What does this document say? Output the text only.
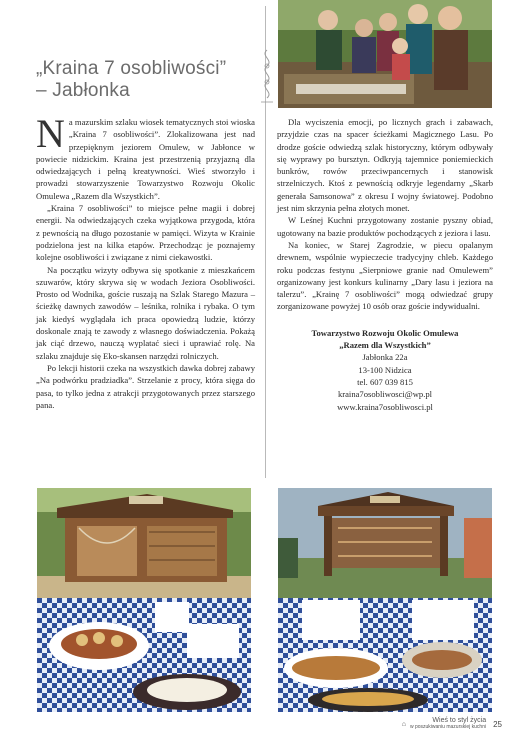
„Kraina 7 osobliwości”
– Jabłonka

Na mazurskim szlaku wiosek tematycznych stoi wioska „Kraina 7 osobliwości”. Zlokalizowana jest nad przepięknym jeziorem Omulew, w Jabłonce w powiecie nidzickim. Kraina jest przestrzenią przyjazną dla odwiedzających i pełną kreatywności. Wieś stworzyło i prowadzi stowarzyszenie Towarzystwo Rozwoju Okolic Omulewa „Razem dla Wszystkich”.

„Kraina 7 osobliwości” to miejsce pełne magii i dobrej energii. Na odwiedzających czeka wyjątkowa przygoda, która z pewnością na długo pozostanie w pamięci. Wizyta w Krainie podzielona jest na kilka etapów. Przechodząc je poznajemy kolejne osobliwości i związane z nimi ciekawostki.

Na początku wizyty odbywa się spotkanie z mieszkańcem szuwarów, który skrywa się w wodach Jeziora Osobliwości. Prosto od Wodnika, goście ruszają na Szlak Starego Mazura – ścieżkę dawnych zawodów – leśnika, rolnika i rybaka. O tym jak kiedyś wyglądała ich praca opowiedzą ludzie, którzy doskonale znają te zawody z własnego doświadczenia. Pokażą jak ciąć drzewo, nauczą wyplatać sieci i uprawiać rolę. Na szlaku znajduje się Eko-skansen narzędzi rolniczych.

Po lekcji historii czeka na wszystkich dawka dobrej zabawy „Na podwórku pradziadka”. Strzelanie z procy, która sięga do pasa, to tylko jedna z atrakcji przygotowanych przez starszego pana.

Dla wyciszenia emocji, po licznych grach i zabawach, przyjdzie czas na spacer ścieżkami Magicznego Lasu. Po drodze goście odwiedzą szlak historyczny, którym odbywały się wyprawy po bursztyn. Odkryją tajemnice poniemieckich bunkrów, rowów przeciwpancernych i stanowisk strzelniczych. Ktoś z pewnością odkryje legendarny „Skarb generała Samsonowa” z okresu I wojny światowej. Podobno jest nim skrzynia pełna złotych monet.

W Leśnej Kuchni przygotowany zostanie pyszny obiad, ugotowany na bazie produktów pochodzących z jeziora i lasu.

Na koniec, w Starej Zagrodzie, w piecu opalanym drewnem, wspólnie wypieczecie tradycyjny chleb. Każdego roku podczas festynu „Sierpniowe granie nad Omulewem” organizowany jest konkurs kulinarny „Dary lasu i jeziora na talerzu”. „Krainę 7 osobliwości” mogą odwiedzać grupy zorganizowane powyżej 10 osób oraz goście indywidualni.

Towarzystwo Rozwoju Okolic Omulewa
„Razem dla Wszystkich”
Jabłonka 22a
13-100 Nidzica
tel. 607 039 815
kraina7osobliwosci@wp.pl
www.kraina7osobliwosci.pl
⌂	Wieś to styl życia
w poszukiwaniu mazurskiej kuchni 25
